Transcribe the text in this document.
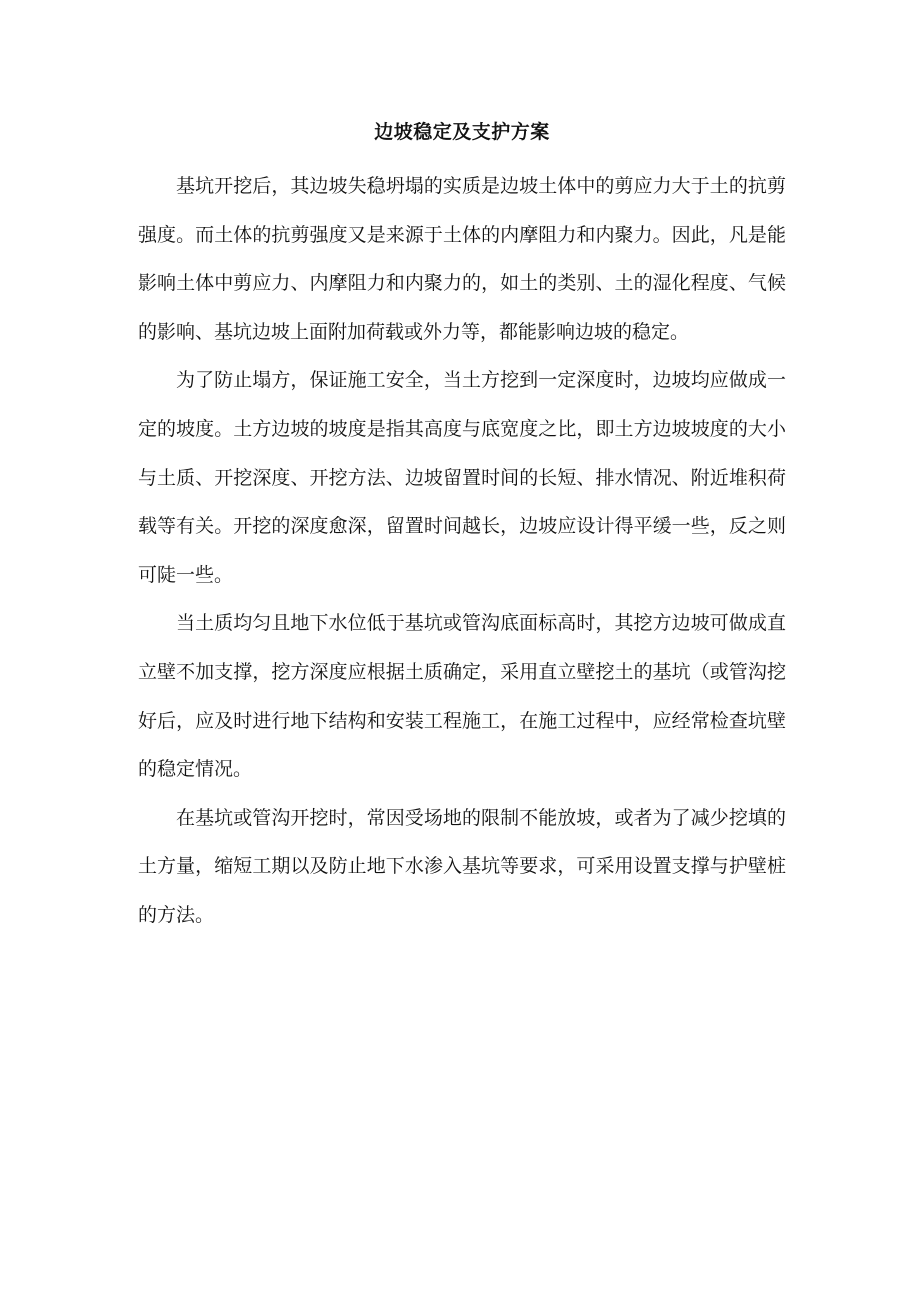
边坡稳定及支护方案

基坑开挖后，其边坡失稳坍塌的实质是边坡土体中的剪应力大于土的抗剪强度。而土体的抗剪强度又是来源于土体的内摩阻力和内聚力。因此，凡是能影响土体中剪应力、内摩阻力和内聚力的，如土的类别、土的湿化程度、气候的影响、基坑边坡上面附加荷载或外力等，都能影响边坡的稳定。

为了防止塌方，保证施工安全，当土方挖到一定深度时，边坡均应做成一定的坡度。土方边坡的坡度是指其高度与底宽度之比，即土方边坡坡度的大小与土质、开挖深度、开挖方法、边坡留置时间的长短、排水情况、附近堆积荷载等有关。开挖的深度愈深，留置时间越长，边坡应设计得平缓一些，反之则可陡一些。

当土质均匀且地下水位低于基坑或管沟底面标高时，其挖方边坡可做成直立壁不加支撑，挖方深度应根据土质确定，采用直立壁挖土的基坑（或管沟挖好后，应及时进行地下结构和安装工程施工，在施工过程中，应经常检查坑壁的稳定情况。

在基坑或管沟开挖时，常因受场地的限制不能放坡，或者为了减少挖填的土方量，缩短工期以及防止地下水渗入基坑等要求，可采用设置支撑与护壁桩的方法。
